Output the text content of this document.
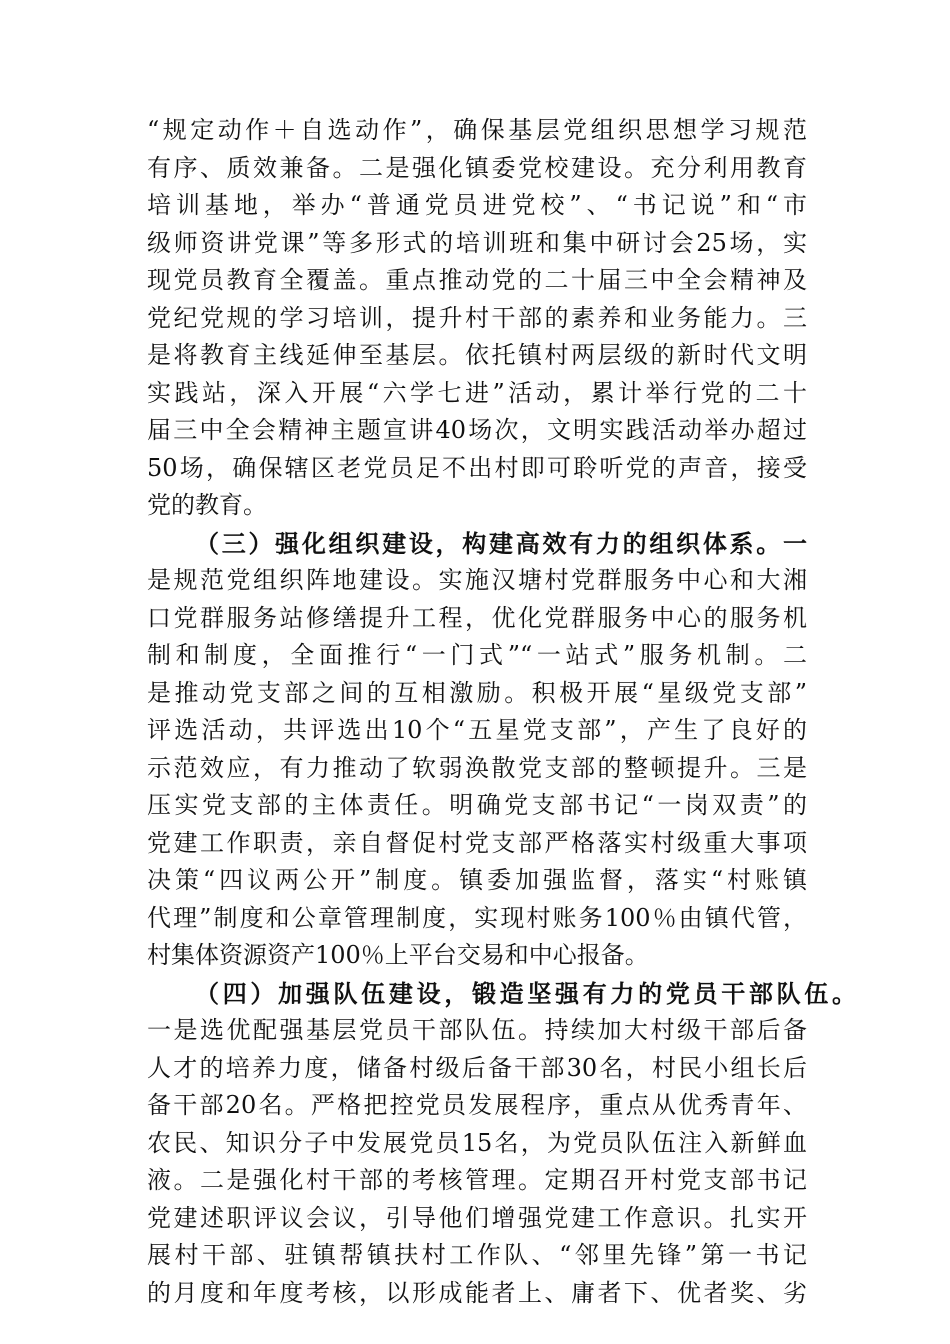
“规定动作＋自选动作”，确保基层党组织思想学习规范
有序、质效兼备。二是强化镇委党校建设。充分利用教育
培训基地，举办“普通党员进党校”、“书记说”和“市
级师资讲党课”等多形式的培训班和集中研讨会25场，实
现党员教育全覆盖。重点推动党的二十届三中全会精神及
党纪党规的学习培训，提升村干部的素养和业务能力。三
是将教育主线延伸至基层。依托镇村两层级的新时代文明
实践站，深入开展“六学七进”活动，累计举行党的二十
届三中全会精神主题宣讲40场次，文明实践活动举办超过
50场，确保辖区老党员足不出村即可聆听党的声音，接受
党的教育。
（三）强化组织建设，构建高效有力的组织体系。一
是规范党组织阵地建设。实施汉塘村党群服务中心和大湘
口党群服务站修缮提升工程，优化党群服务中心的服务机
制和制度，全面推行“一门式”“一站式”服务机制。二
是推动党支部之间的互相激励。积极开展“星级党支部”
评选活动，共评选出10个“五星党支部”，产生了良好的
示范效应，有力推动了软弱涣散党支部的整顿提升。三是
压实党支部的主体责任。明确党支部书记“一岗双责”的
党建工作职责，亲自督促村党支部严格落实村级重大事项
决策“四议两公开”制度。镇委加强监督，落实“村账镇
代理”制度和公章管理制度，实现村账务100％由镇代管，
村集体资源资产100％上平台交易和中心报备。
（四）加强队伍建设，锻造坚强有力的党员干部队伍。
一是选优配强基层党员干部队伍。持续加大村级干部后备
人才的培养力度，储备村级后备干部30名，村民小组长后
备干部20名。严格把控党员发展程序，重点从优秀青年、
农民、知识分子中发展党员15名，为党员队伍注入新鲜血
液。二是强化村干部的考核管理。定期召开村党支部书记
党建述职评议会议，引导他们增强党建工作意识。扎实开
展村干部、驻镇帮镇扶村工作队、“邻里先锋”第一书记
的月度和年度考核，以形成能者上、庸者下、优者奖、劣
